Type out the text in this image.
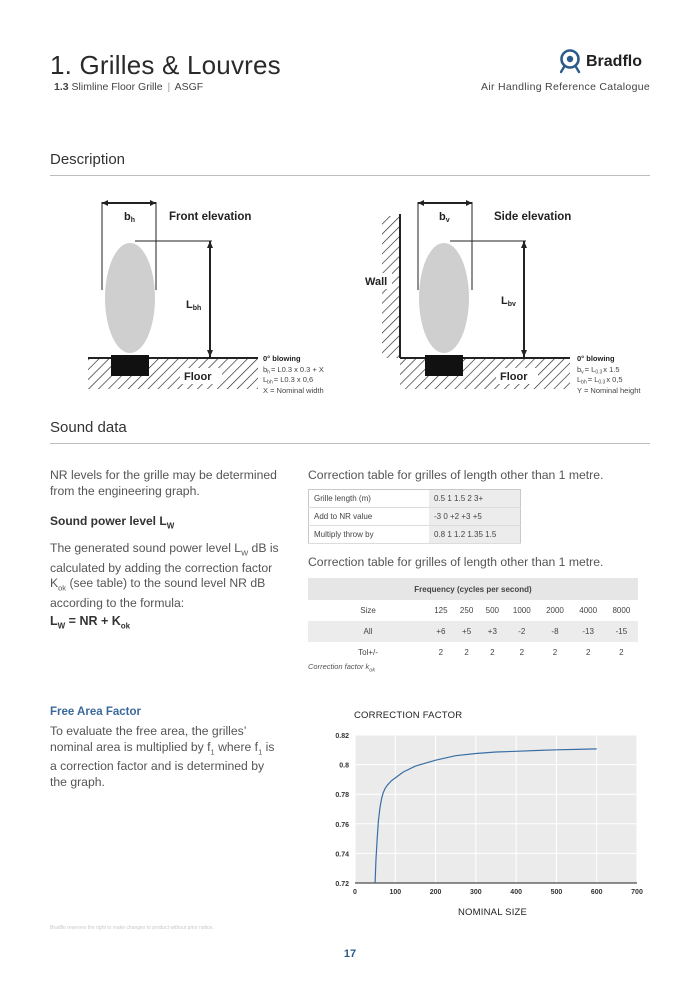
1. Grilles & Louvres
1.3 Slimline Floor Grille | ASGF
Bradflo
Air Handling Reference Catalogue
Description
bh	Front elevation
Lbh
Floor
0° blowing
$b_h= L0.3$ x 0.3 + X
$L_{bh}= L0.3$ x 0,6
X = Nominal width
bv	Side elevation
Wall
Lbv
Floor
0° blowing
$b_v= L_{0.3}x$ 1.5
$L_{bh}= L_{0.3}x$ 0,5
Y = Nominal height
Sound data
NR levels for the grille may be determined from the engineering graph.
Sound power level $L_W$
The generated sound power level $L_W$ dB is calculated by adding the correction factor $K_{ok}$ (see table) to the sound level NR dB according to the formula:
$L_W$ = NR + $K_{ok}$
Correction table for grilles of length other than 1 metre.
Grille length (m)	0.5 1 1.5 2 3+
Add to NR value	-3 0 +2 +3 +5
Multiply throw by	0.8 1 1.2 1.35 1.5
Correction table for grilles of length other than 1 metre.
Frequency (cycles per second)							
Size	125	250	500	1000	2000	4000	8000
All	+6	+5	+3	-2	-8	-13	-15
Tol+/-	2	2	2	2	2	2	2
Correction factor $k_{ok}$
Free Area Factor
To evaluate the free area, the grilles’ nominal area is multiplied by $f_1$ where $f_1$ is a correction factor and is determined by the graph.
CORRECTION FACTOR
0.72
0.74
0.76
0.78
0.8
0.82
0	100	200	300	400	500	600	700
NOMINAL SIZE
Bradflo reserves the right to make changes to product without prior notice.
17
